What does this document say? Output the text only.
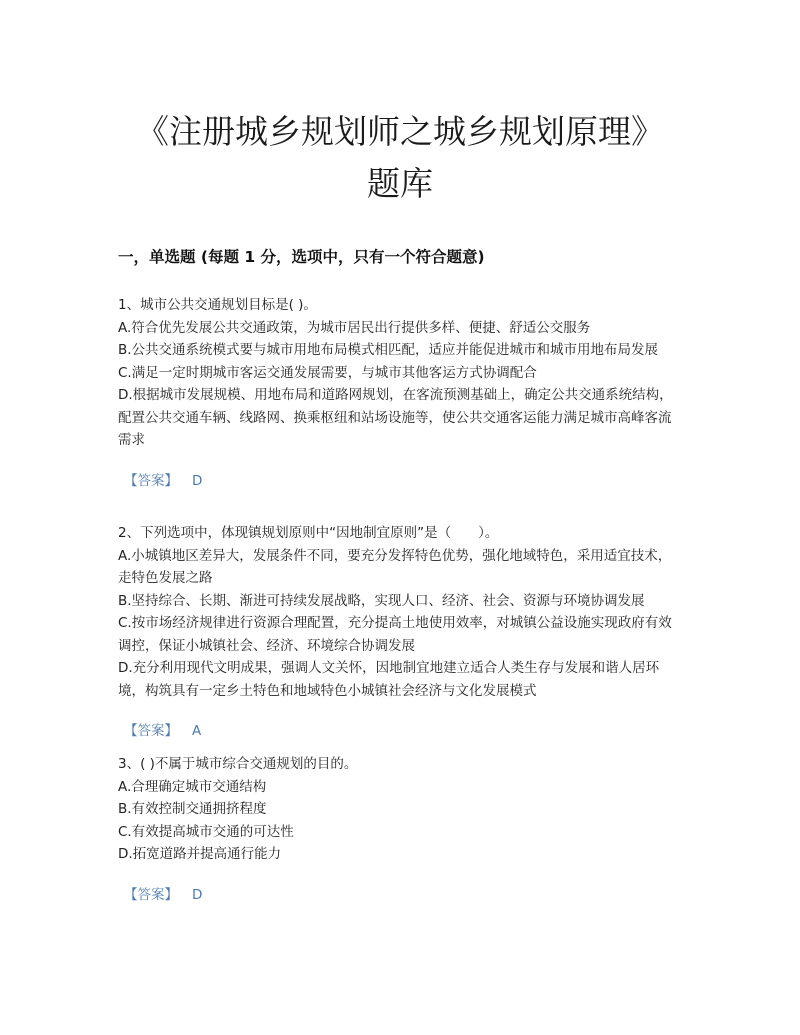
《注册城乡规划师之城乡规划原理》
题库
一，单选题 (每题 1 分，选项中，只有一个符合题意)

1、城市公共交通规划目标是( )。

A.符合优先发展公共交通政策，为城市居民出行提供多样、便捷、舒适公交服务

B.公共交通系统模式要与城市用地布局模式相匹配，适应并能促进城市和城市用地布局发展

C.满足一定时期城市客运交通发展需要，与城市其他客运方式协调配合

D.根据城市发展规模、用地布局和道路网规划，在客流预测基础上，确定公共交通系统结构，配置公共交通车辆、线路网、换乘枢纽和站场设施等，使公共交通客运能力满足城市高峰客流需求

【答案】 D

2、下列选项中，体现镇规划原则中“因地制宜原则”是（　　）。

A.小城镇地区差异大，发展条件不同，要充分发挥特色优势，强化地域特色，采用适宜技术，走特色发展之路

B.坚持综合、长期、渐进可持续发展战略，实现人口、经济、社会、资源与环境协调发展

C.按市场经济规律进行资源合理配置，充分提高土地使用效率，对城镇公益设施实现政府有效调控，保证小城镇社会、经济、环境综合协调发展

D.充分利用现代文明成果，强调人文关怀，因地制宜地建立适合人类生存与发展和谐人居环境，构筑具有一定乡土特色和地域特色小城镇社会经济与文化发展模式

【答案】 A

3、( )不属于城市综合交通规划的目的。

A.合理确定城市交通结构

B.有效控制交通拥挤程度

C.有效提高城市交通的可达性

D.拓宽道路并提高通行能力

【答案】 D
